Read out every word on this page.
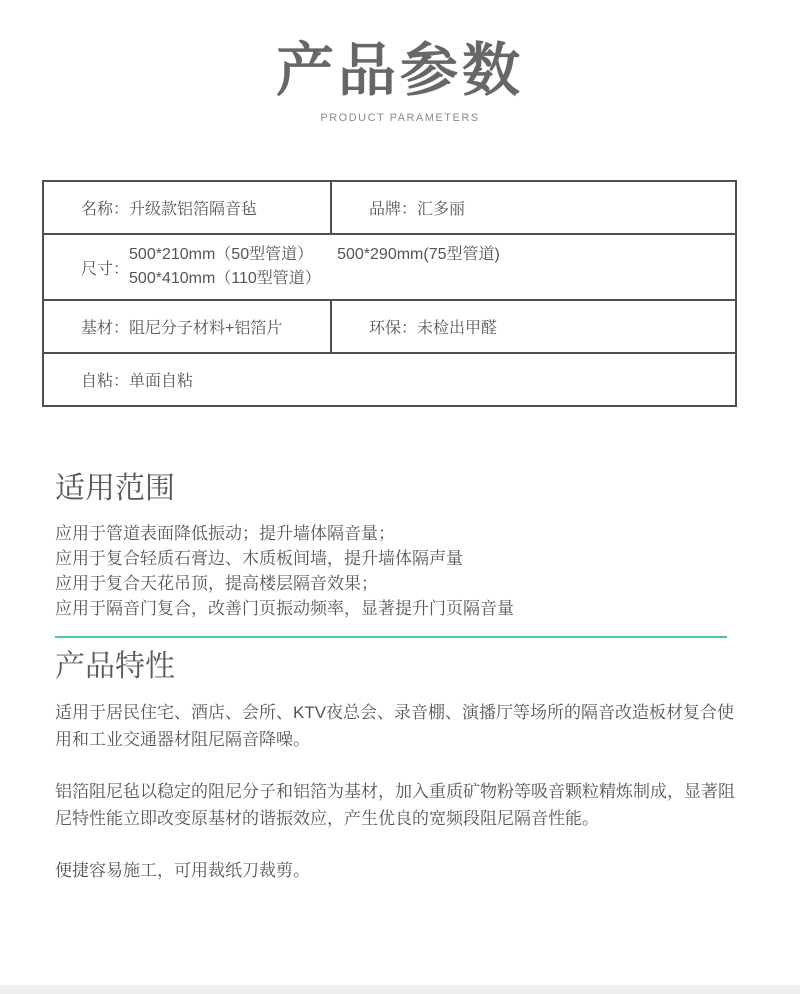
产品参数
PRODUCT PARAMETERS
名称：升级款铝箔隔音毡	品牌：汇多丽
尺寸：
500*210mm（50型管道） 500*290mm(75型管道)
500*410mm（110型管道）
基材：阻尼分子材料+铝箔片	环保：未检出甲醛
自粘：单面自粘
适用范围
应用于管道表面降低振动；提升墙体隔音量；
应用于复合轻质石膏边、木质板间墙，提升墙体隔声量
应用于复合天花吊顶，提高楼层隔音效果；
应用于隔音门复合，改善门页振动频率，显著提升门页隔音量
产品特性
适用于居民住宅、酒店、会所、KTV夜总会、录音棚、演播厅等场所的隔音改造板材复合使用和工业交通器材阻尼隔音降噪。
铝箔阻尼毡以稳定的阻尼分子和铝箔为基材，加入重质矿物粉等吸音颗粒精炼制成，显著阻尼特性能立即改变原基材的谐振效应，产生优良的宽频段阻尼隔音性能。
便捷容易施工，可用裁纸刀裁剪。
